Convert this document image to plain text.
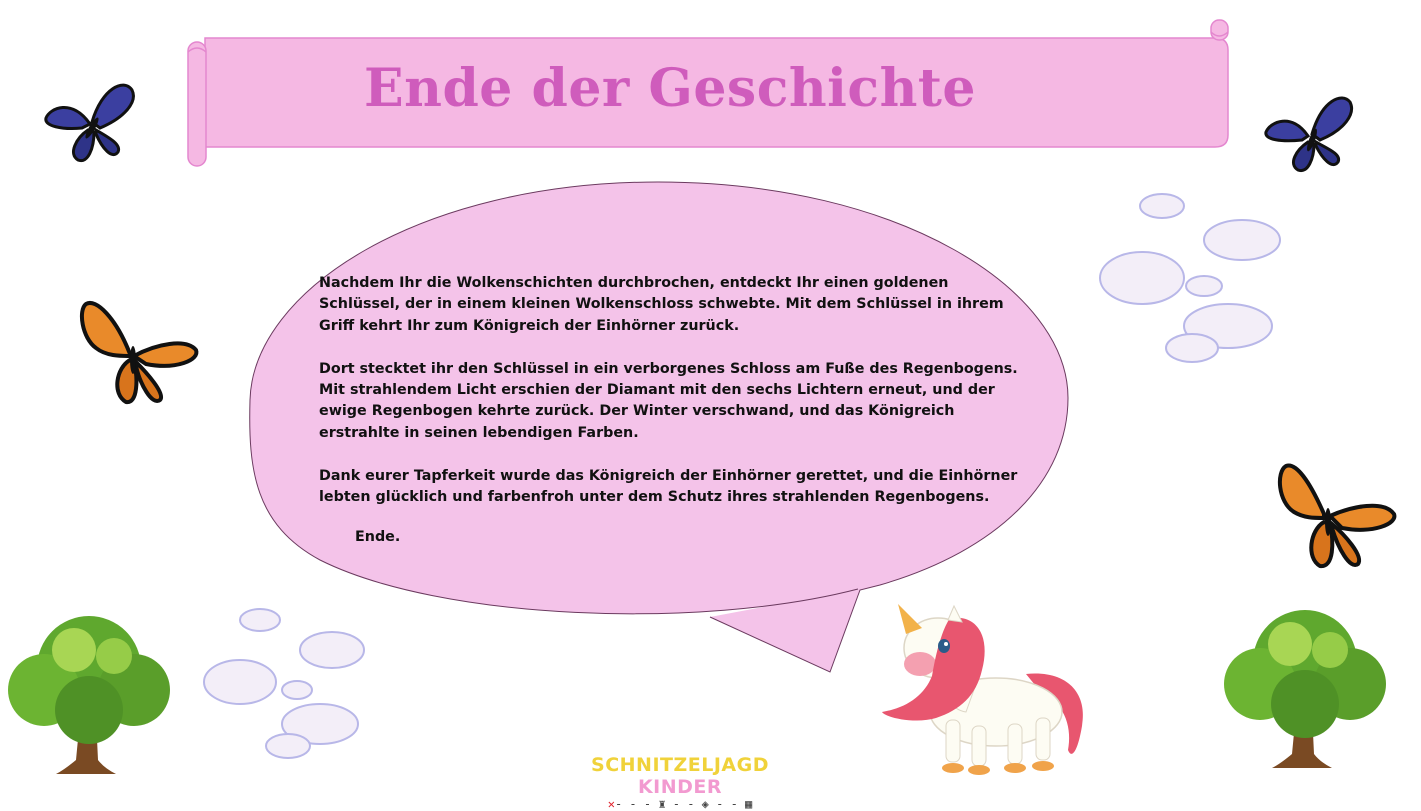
Ende der Geschichte

Nachdem Ihr die Wolkenschichten durchbrochen, entdeckt Ihr einen goldenen Schlüssel, der in einem kleinen Wolkenschloss schwebte. Mit dem Schlüssel in ihrem Griff kehrt Ihr zum Königreich der Einhörner zurück.

Dort stecktet ihr den Schlüssel in ein verborgenes Schloss am Fuße des Regenbogens. Mit strahlendem Licht erschien der Diamant mit den sechs Lichtern erneut, und der ewige Regenbogen kehrte zurück. Der Winter verschwand, und das Königreich erstrahlte in seinen lebendigen Farben.

Dank eurer Tapferkeit wurde das Königreich der Einhörner gerettet, und die Einhörner lebten glücklich und farbenfroh unter dem Schutz ihres strahlenden Regenbogens.

Ende.
SCHNITZELJAGD KINDER
✕- - - ♜ - - ◈ - - ▦
